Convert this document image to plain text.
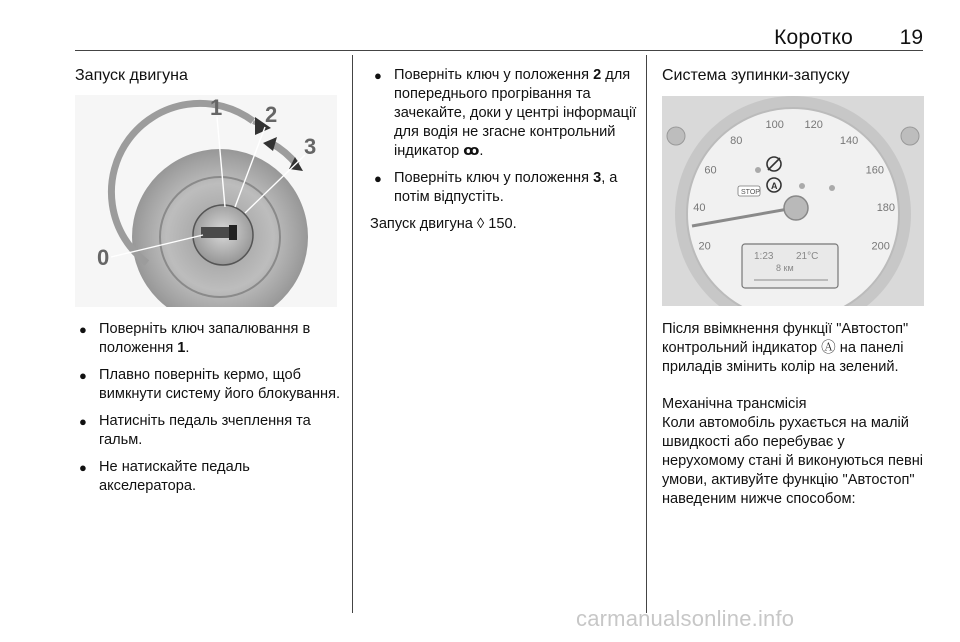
Коротко 19
Запуск двигуна
1 2
3
0
● Поверніть ключ запалювання в положення 1.
● Плавно поверніть кермо, щоб вимкнути систему його блокування.
● Натисніть педаль зчеплення та гальм.
● Не натискайте педаль акселератора.
● Поверніть ключ у положення 2 для попереднього прогрівання та зачекайте, доки у центрі інформації для водія не згасне контрольний індикатор ꝏ.
● Поверніть ключ у положення 3, а потім відпустіть.
Запуск двигуна ◊ 150.
Система зупинки-запуску
20
40
60
80
100 120
140
160
180
200
STOP
A
1:23 21°C
8 км

Після ввімкнення функції "Автостоп" контрольний індикатор Ⓐ на панелі приладів змінить колір на зелений.

Механічна трансмісія

Коли автомобіль рухається на малій швидкості або перебуває у нерухомому стані й виконуються певні умови, активуйте функцію "Автостоп" наведеним нижче способом:

carmanualsonline.info
